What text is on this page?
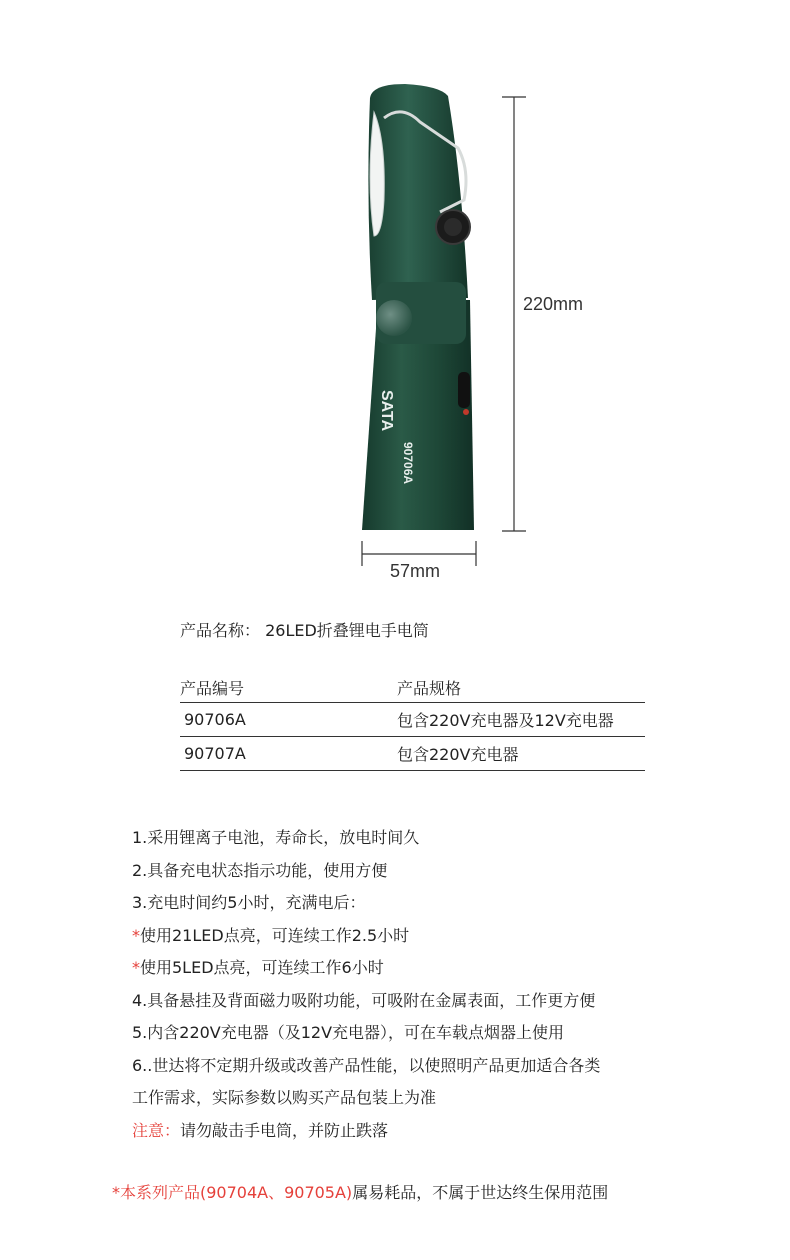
SATA
90706A
220mm
57mm
产品名称： 26LED折叠锂电手电筒
产品编号	产品规格
90706A	包含220V充电器及12V充电器
90707A	包含220V充电器
1.采用锂离子电池，寿命长，放电时间久
2.具备充电状态指示功能，使用方便
3.充电时间约5小时，充满电后：
*使用21LED点亮，可连续工作2.5小时
*使用5LED点亮，可连续工作6小时
4.具备悬挂及背面磁力吸附功能，可吸附在金属表面，工作更方便
5.内含220V充电器（及12V充电器），可在车载点烟器上使用
6..世达将不定期升级或改善产品性能，以使照明产品更加适合各类
工作需求，实际参数以购买产品包装上为准
注意：请勿敲击手电筒，并防止跌落
*本系列产品(90704A、90705A)属易耗品，不属于世达终生保用范围
